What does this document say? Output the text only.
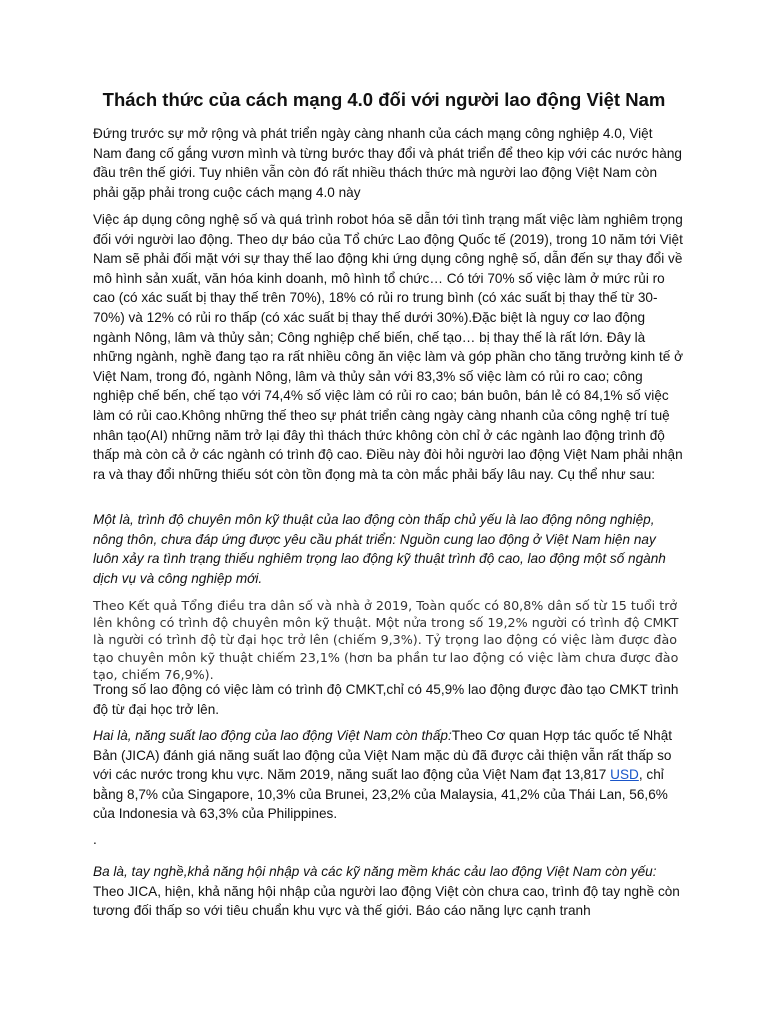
Thách thức của cách mạng 4.0 đối với người lao động Việt Nam

Đứng trước sự mở rộng và phát triển ngày càng nhanh của cách mạng công nghiệp 4.0, Việt Nam đang cố gắng vươn mình và từng bước thay đổi và phát triển để theo kịp với các nước hàng đầu trên thế giới. Tuy nhiên vẫn còn đó rất nhiều thách thức mà người lao động Việt Nam còn phải gặp phải trong cuộc cách mạng 4.0 này

Việc áp dụng công nghệ số và quá trình robot hóa sẽ dẫn tới tình trạng mất việc làm nghiêm trọng đối với người lao động. Theo dự báo của Tổ chức Lao động Quốc tế (2019), trong 10 năm tới Việt Nam sẽ phải đối mặt với sự thay thế lao động khi ứng dụng công nghệ số, dẫn đến sự thay đổi về mô hình sản xuất, văn hóa kinh doanh, mô hình tổ chức… Có tới 70% số việc làm ở mức rủi ro cao (có xác suất bị thay thế trên 70%), 18% có rủi ro trung bình (có xác suất bị thay thế từ 30-70%) và 12% có rủi ro thấp (có xác suất bị thay thế dưới 30%).Đặc biệt là nguy cơ lao động ngành Nông, lâm và thủy sản; Công nghiệp chế biến, chế tạo… bị thay thế là rất lớn. Đây là những ngành, nghề đang tạo ra rất nhiều công ăn việc làm và góp phần cho tăng trưởng kinh tế ở Việt Nam, trong đó, ngành Nông, lâm và thủy sản với 83,3% số việc làm có rủi ro cao; công nghiệp chế bến, chế tạo với 74,4% số việc làm có rủi ro cao; bán buôn, bán lẻ có 84,1% số việc làm có rủi cao.Không những thế theo sự phát triển càng ngày càng nhanh của công nghệ trí tuệ nhân tạo(AI) những năm trở lại đây thì thách thức không còn chỉ ở các ngành lao động trình độ thấp mà còn cả ở các ngành có trình độ cao. Điều này đòi hỏi người lao động Việt Nam phải nhận ra và thay đổi những thiếu sót còn tồn đọng mà ta còn mắc phải bấy lâu nay. Cụ thể như sau:

Một là, trình độ chuyên môn kỹ thuật của lao động còn thấp chủ yếu là lao động nông nghiệp, nông thôn, chưa đáp ứng được yêu cầu phát triển: Nguồn cung lao động ở Việt Nam hiện nay luôn xảy ra tình trạng thiếu nghiêm trọng lao động kỹ thuật trình độ cao, lao động một số ngành dịch vụ và công nghiệp mới.

Theo Kết quả Tổng điều tra dân số và nhà ở 2019, Toàn quốc có 80,8% dân số từ 15 tuổi trở lên không có trình độ chuyên môn kỹ thuật. Một nửa trong số 19,2% người có trình độ CMKT là người có trình độ từ đại học trở lên (chiếm 9,3%). Tỷ trọng lao động có việc làm được đào tạo chuyên môn kỹ thuật chiếm 23,1% (hơn ba phần tư lao động có việc làm chưa được đào tạo, chiếm 76,9%).

Trong số lao động có việc làm có trình độ CMKT,chỉ có 45,9% lao động được đào tạo CMKT trình độ từ đại học trở lên.

Hai là, năng suất lao động của lao động Việt Nam còn thấp:Theo Cơ quan Hợp tác quốc tế Nhật Bản (JICA) đánh giá năng suất lao động của Việt Nam mặc dù đã được cải thiện vẫn rất thấp so với các nước trong khu vực. Năm 2019, năng suất lao động của Việt Nam đạt 13,817 USD, chỉ bằng 8,7% của Singapore, 10,3% của Brunei, 23,2% của Malaysia, 41,2% của Thái Lan, 56,6% của Indonesia và 63,3% của Philippines.

.

Ba là, tay nghề,khả năng hội nhập và các kỹ năng mềm khác cảu lao động Việt Nam còn yếu: Theo JICA, hiện, khả năng hội nhập của người lao động Việt còn chưa cao, trình độ tay nghề còn tương đối thấp so với tiêu chuẩn khu vực và thế giới. Báo cáo năng lực cạnh tranh
